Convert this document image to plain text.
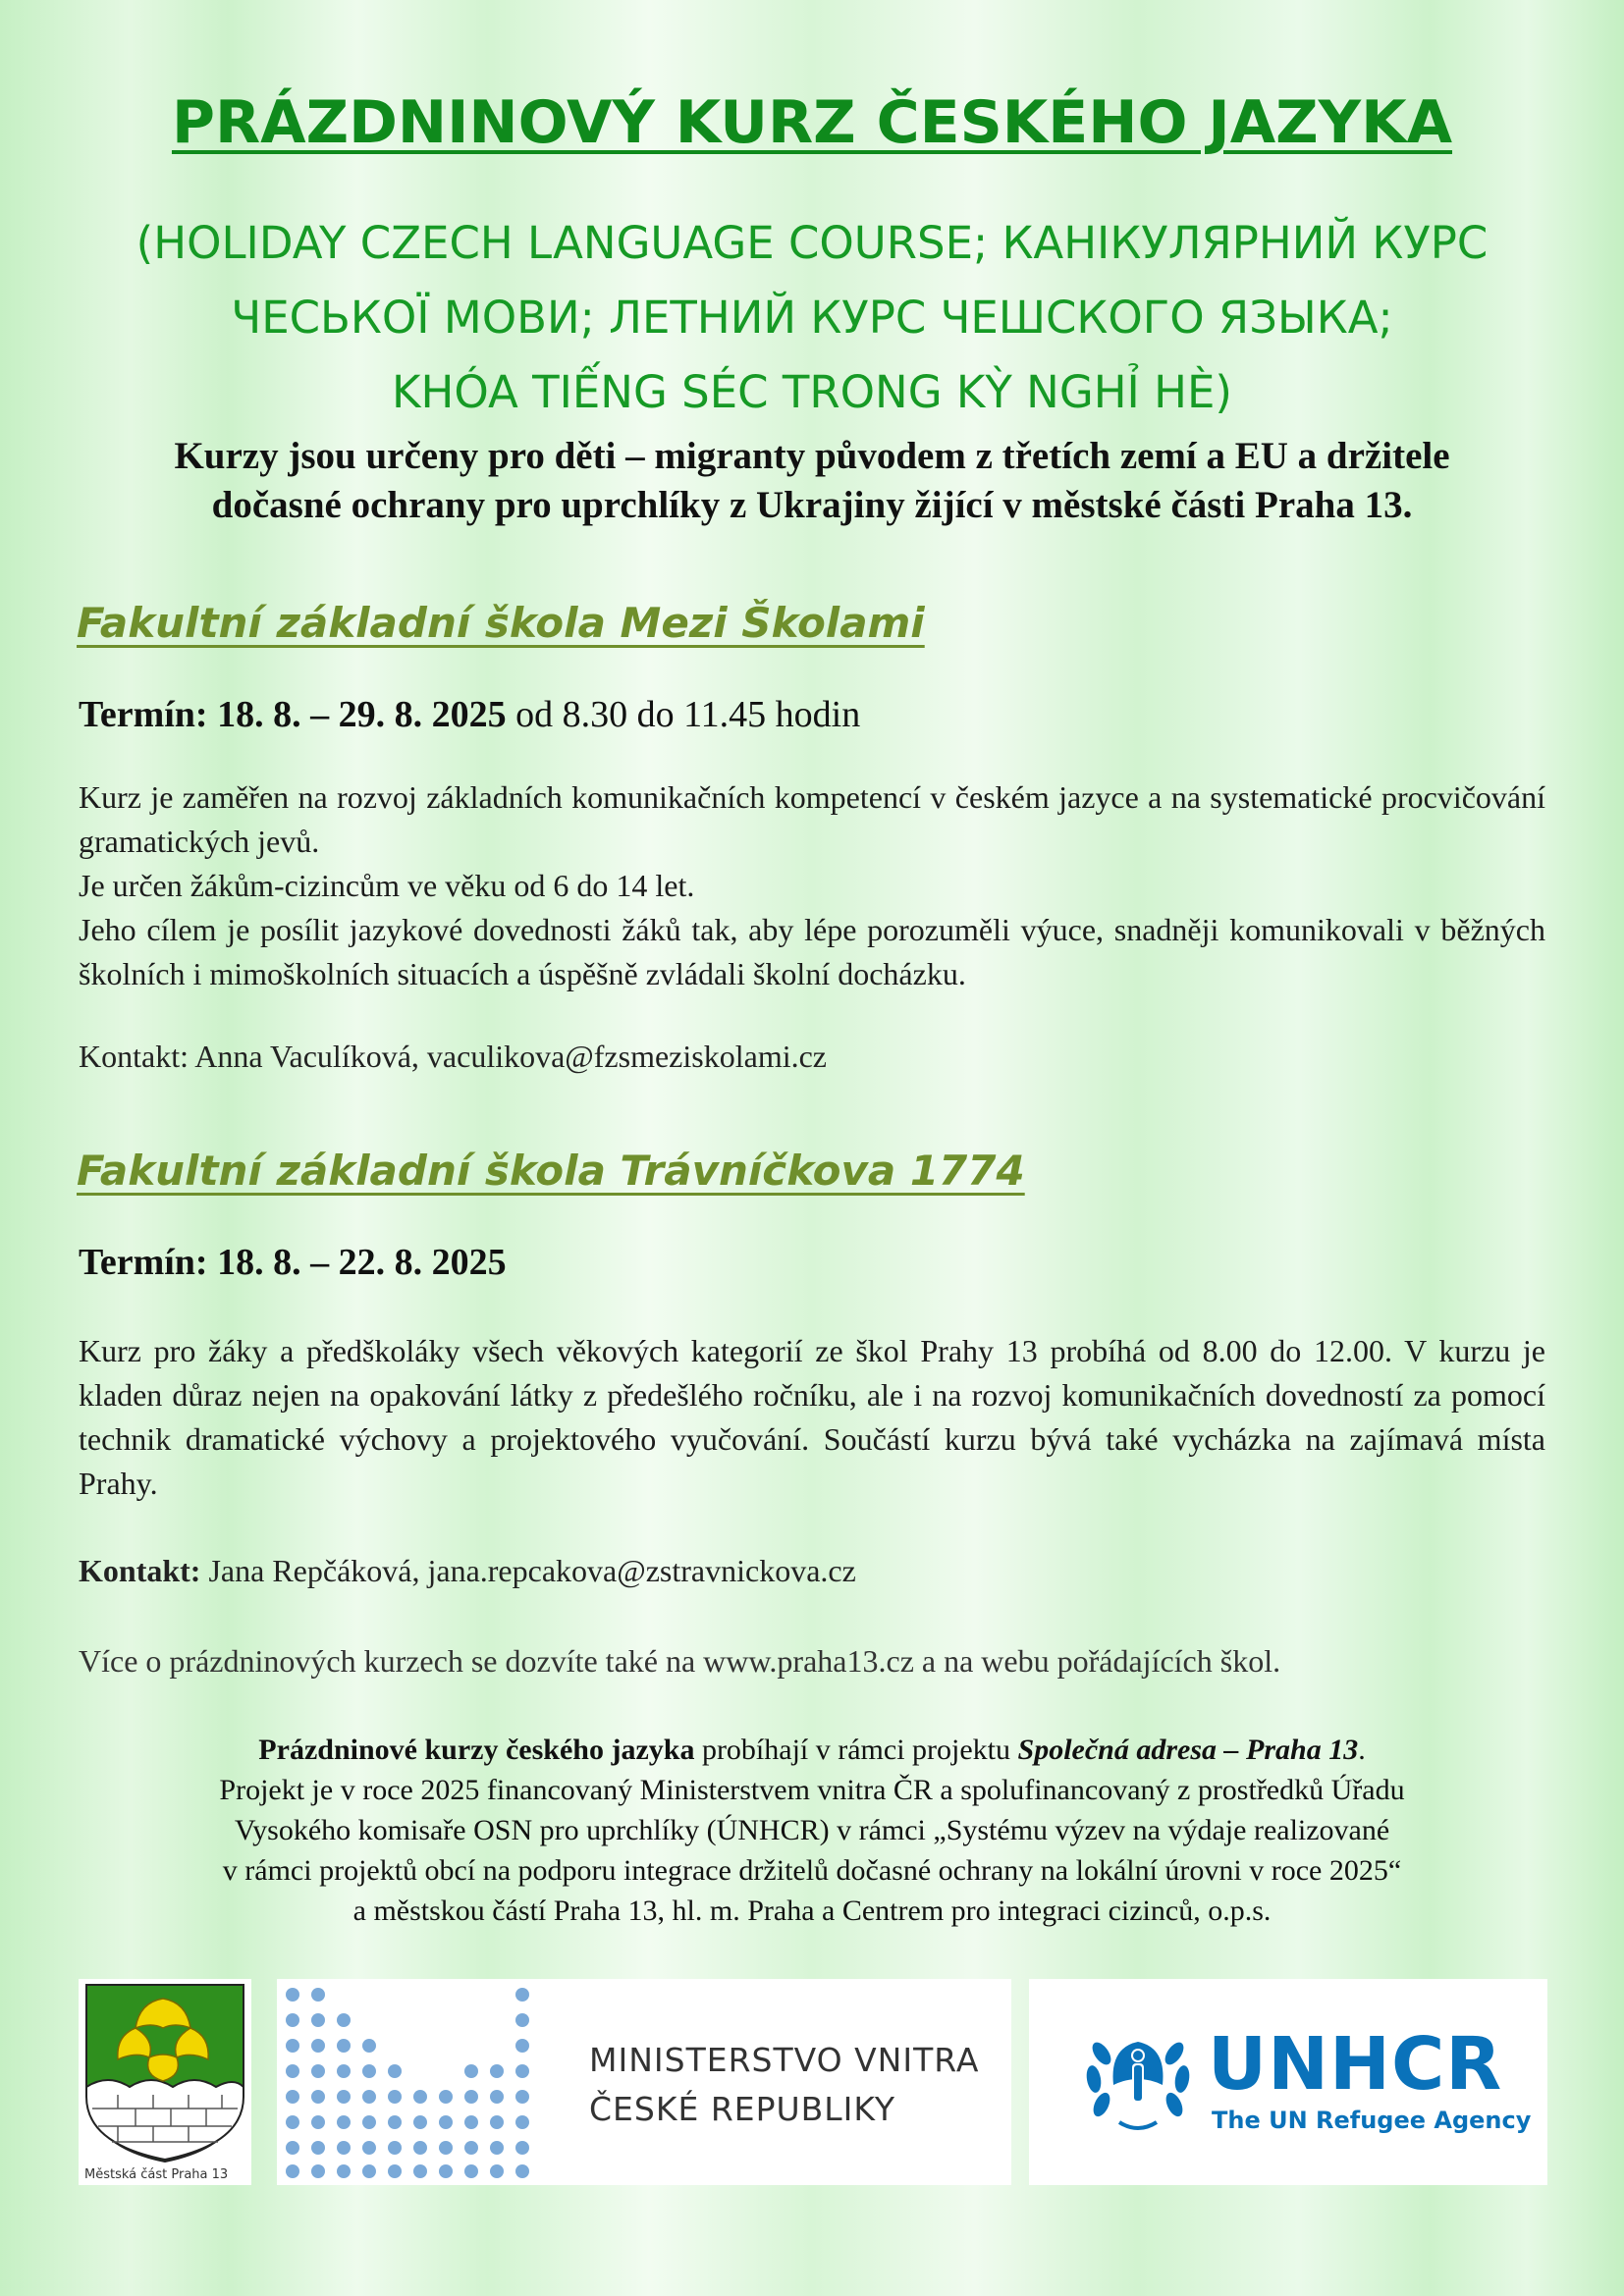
PRÁZDNINOVÝ KURZ ČESKÉHO JAZYKA
(HOLIDAY CZECH LANGUAGE COURSE; КАНІКУЛЯРНИЙ КУРС
ЧЕСЬКОЇ МОВИ; ЛЕТНИЙ КУРС ЧЕШСКОГО ЯЗЫКА;
KHÓA TIẾNG SÉC TRONG KỲ NGHỈ HÈ)
Kurzy jsou určeny pro děti – migranty původem z třetích zemí a EU a držitele
dočasné ochrany pro uprchlíky z Ukrajiny žijící v městské části Praha 13.
Fakultní základní škola Mezi Školami
Termín: 18. 8. – 29. 8. 2025 od 8.30 do 11.45 hodin
Kurz je zaměřen na rozvoj základních komunikačních kompetencí v českém jazyce a na systematické procvičování gramatických jevů.
Je určen žákům-cizincům ve věku od 6 do 14 let.
Jeho cílem je posílit jazykové dovednosti žáků tak, aby lépe porozuměli výuce, snadněji komunikovali v běžných školních i mimoškolních situacích a úspěšně zvládali školní docházku.
Kontakt: Anna Vaculíková, vaculikova@fzsmeziskolami.cz
Fakultní základní škola Trávníčkova 1774
Termín: 18. 8. – 22. 8. 2025
Kurz pro žáky a předškoláky všech věkových kategorií ze škol Prahy 13 probíhá od 8.00 do 12.00. V kurzu je kladen důraz nejen na opakování látky z předešlého ročníku, ale i na rozvoj komunikačních dovedností za pomocí technik dramatické výchovy a projektového vyučování. Součástí kurzu bývá také vycházka na zajímavá místa Prahy.
Kontakt: Jana Repčáková, jana.repcakova@zstravnickova.cz
Více o prázdninových kurzech se dozvíte také na www.praha13.cz a na webu pořádajících škol.
Prázdninové kurzy českého jazyka probíhají v rámci projektu Společná adresa – Praha 13.
Projekt je v roce 2025 financovaný Ministerstvem vnitra ČR a spolufinancovaný z prostředků Úřadu
Vysokého komisaře OSN pro uprchlíky (ÚNHCR) v rámci „Systému výzev na výdaje realizované
v rámci projektů obcí na podporu integrace držitelů dočasné ochrany na lokální úrovni v roce 2025“
a městskou částí Praha 13, hl. m. Praha a Centrem pro integraci cizinců, o.p.s.
Městská část Praha 13
MINISTERSTVO VNITRA
ČESKÉ REPUBLIKY
UNHCR
The UN Refugee Agency
